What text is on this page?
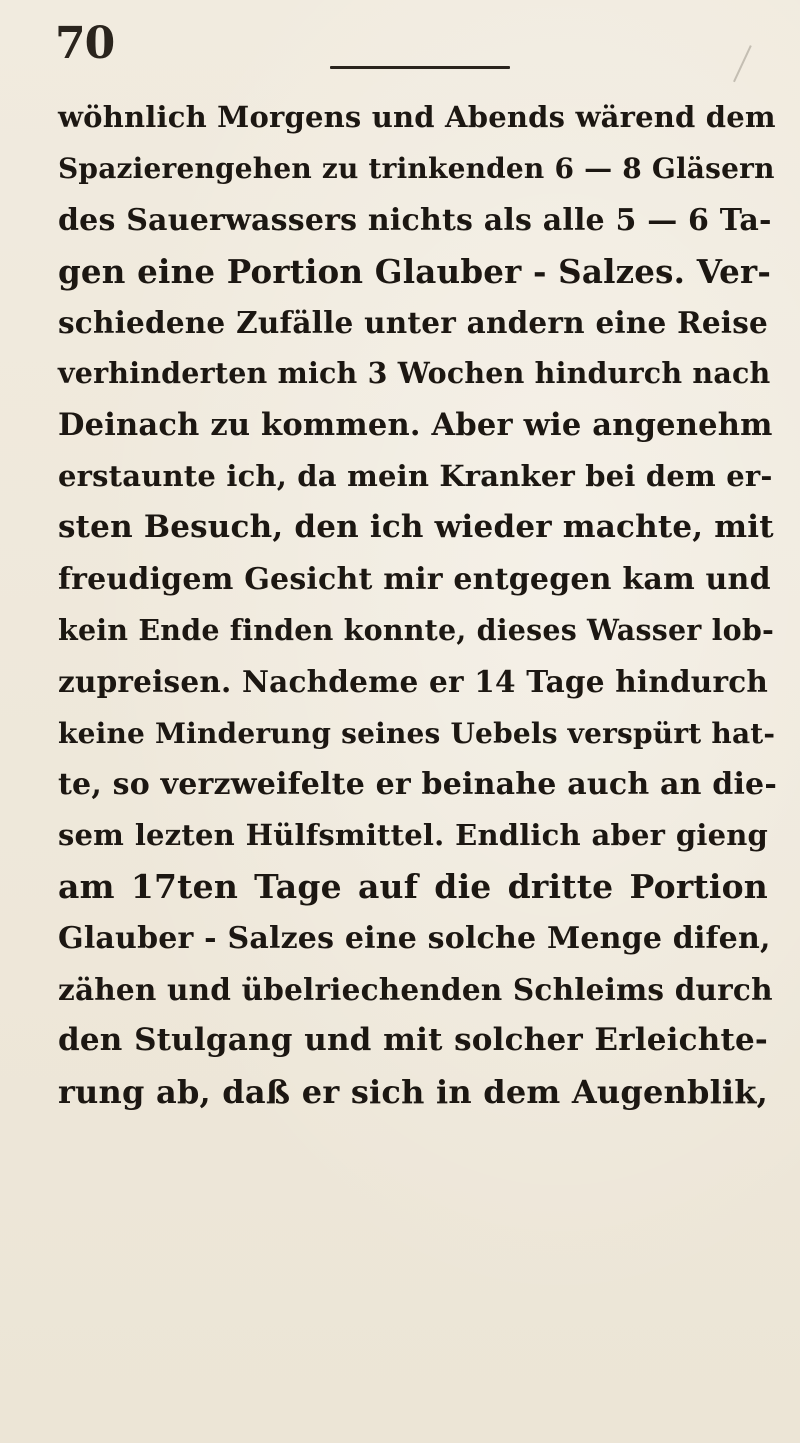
70
wöhnlich Morgens und Abends wärend dem
Spazierengehen zu trinkenden 6 — 8 Gläsern
des Sauerwassers nichts als alle 5 — 6 Ta-
gen eine Portion Glauber - Salzes. Ver-
schiedene Zufälle unter andern eine Reise
verhinderten mich 3 Wochen hindurch nach
Deinach zu kommen. Aber wie angenehm
erstaunte ich, da mein Kranker bei dem er-
sten Besuch, den ich wieder machte, mit
freudigem Gesicht mir entgegen kam und
kein Ende finden konnte, dieses Wasser lob-
zupreisen. Nachdeme er 14 Tage hindurch
keine Minderung seines Uebels verspürt hat-
te, so verzweifelte er beinahe auch an die-
sem lezten Hülfsmittel. Endlich aber gieng
am 17ten Tage auf die dritte Portion
Glauber - Salzes eine solche Menge difen,
zähen und übelriechenden Schleims durch
den Stulgang und mit solcher Erleichte-
rung ab, daß er sich in dem Augenblik,
